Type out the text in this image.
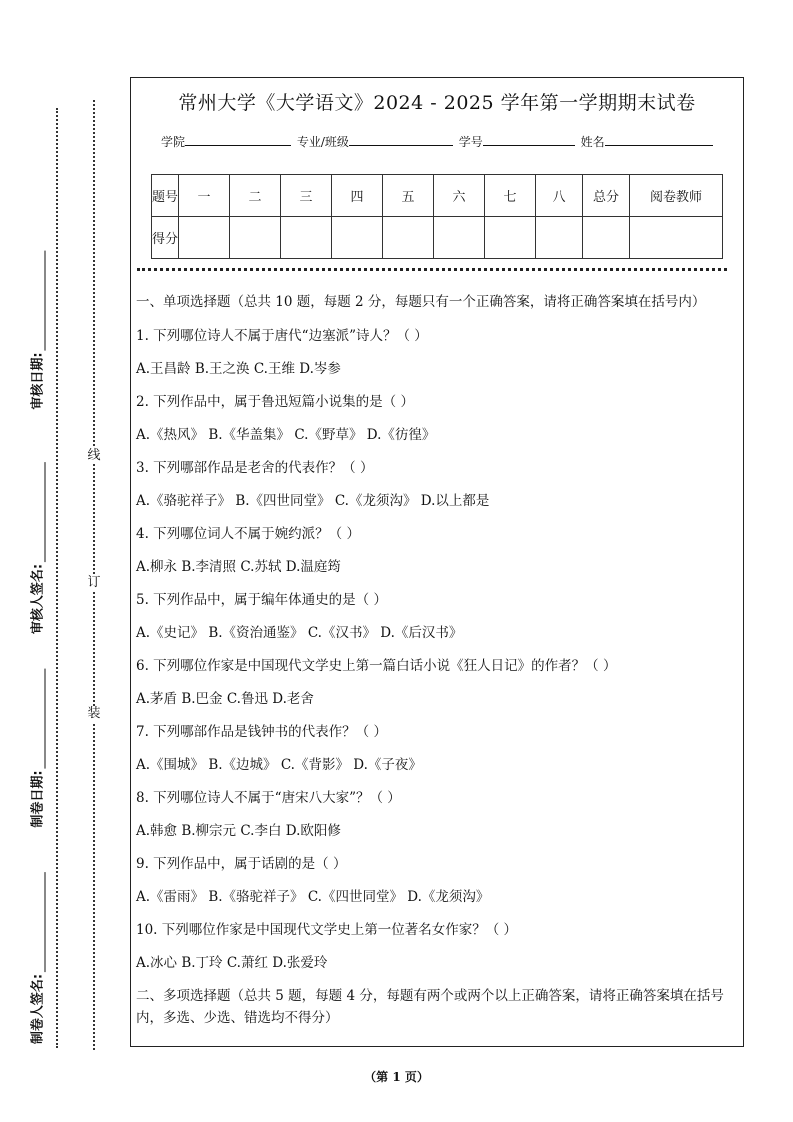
审核日期:
审核人签名:
制卷日期:
制卷人签名:
线
订
装
常州大学《大学语文》2024 - 2025 学年第一学期期末试卷
学院	专业/班级	学号	姓名
题号	一	二	三	四	五	六	七	八	总分	阅卷教师
得分										

一、单项选择题（总共 10 题，每题 2 分，每题只有一个正确答案，请将正确答案填在括号内）

1. 下列哪位诗人不属于唐代“边塞派”诗人？（ ）

A.王昌龄 B.王之涣 C.王维 D.岑参

2. 下列作品中，属于鲁迅短篇小说集的是（ ）

A.《热风》 B.《华盖集》 C.《野草》 D.《彷徨》

3. 下列哪部作品是老舍的代表作？（ ）

A.《骆驼祥子》 B.《四世同堂》 C.《龙须沟》 D.以上都是

4. 下列哪位词人不属于婉约派？（ ）

A.柳永 B.李清照 C.苏轼 D.温庭筠

5. 下列作品中，属于编年体通史的是（ ）

A.《史记》 B.《资治通鉴》 C.《汉书》 D.《后汉书》

6. 下列哪位作家是中国现代文学史上第一篇白话小说《狂人日记》的作者？（ ）

A.茅盾 B.巴金 C.鲁迅 D.老舍

7. 下列哪部作品是钱钟书的代表作？（ ）

A.《围城》 B.《边城》 C.《背影》 D.《子夜》

8. 下列哪位诗人不属于“唐宋八大家”？（ ）

A.韩愈 B.柳宗元 C.李白 D.欧阳修

9. 下列作品中，属于话剧的是（ ）

A.《雷雨》 B.《骆驼祥子》 C.《四世同堂》 D.《龙须沟》

10. 下列哪位作家是中国现代文学史上第一位著名女作家？（ ）

A.冰心 B.丁玲 C.萧红 D.张爱玲

二、多项选择题（总共 5 题，每题 4 分，每题有两个或两个以上正确答案，请将正确答案填在括号内，多选、少选、错选均不得分）

（第 1 页）
